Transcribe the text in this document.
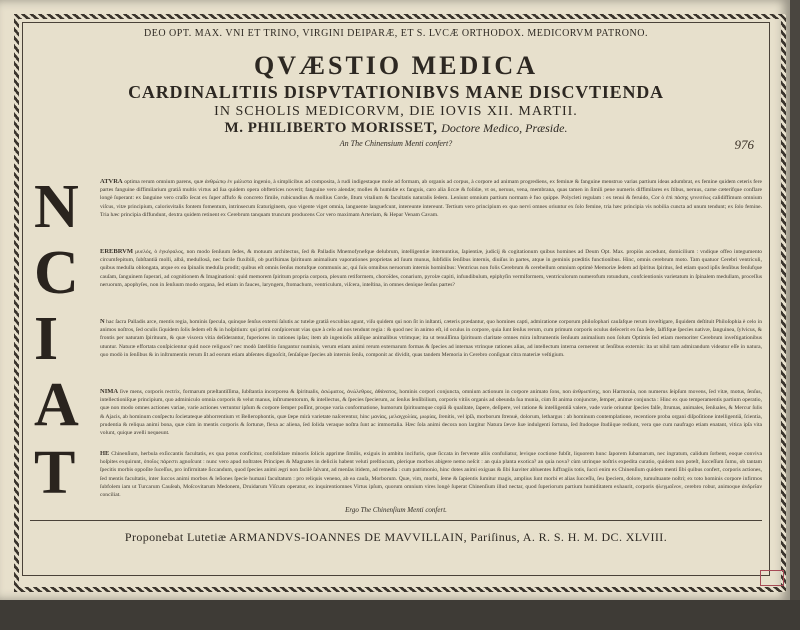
DEO OPT. MAX. VNI ET TRINO, VIRGINI DEIPARÆ, ET S. LVCÆ ORTHODOX. MEDICORVM PATRONO.
QVÆSTIO MEDICA
CARDINALITIIS DISPVTATIONIBVS MANE DISCVTIENDA
IN SCHOLIS MEDICORVM, DIE IOVIS XII. MARTII.
M. PHILIBERTO MORISSET, Doctore Medico, Præside.
An The Chinensium Menti confert?	976
N	ATVRA optima rerum omnium parens, quæ ἀνθρώπῳ ἐν μάλιστα ingenio, à simplicibus ad composita, à rudi indigestaque mole ad formam, ab organis ad corpus, à corpore ad animam progrediens, ex feminæ & fanguine menstruo varias partium ideas adumbrat, ex femine quidem ceteris fere partes fanguine diffimilarium gratiâ multis virtus ad ſua quidem opera obftetrices noverit; fanguine vero alendæ; molles & humidæ ex fanguis, caro alia ſiccæ & folidæ, vt os, neruus, vena, membrana, quas tamen in ſimili pene numeris diffimilares ex ſtibus, neruus, carne cæterifque conflare longè ſuperant: ex ſanguine vero craſſo ſecat ex ſuper affufo & concreto fimile, rubicundius & mollius Corde, ſitum vitalium & facultatis naturalis ſedem. Leniunt omnium partium normam è fuo quippe. Polycleti regulam : ex tenui & feruido, Cor ὁ ἐπὶ πάσης γενεσέως calidiffimum omnium viſcus, vitæ principium, calorisvitalis fontem fomentum, intrinsecum ſcaturiginem, quo vigente viget omnia, languente languefcunt, intereunte intereunt. Tertium vero principium ex quo nervi omnes oriuntur ex ſolo femine, tria hæc principia vis nobilia cuncta ad unum tendunt; ex ſolo femine. Tria hæc principia diffundunt, dextra quidem retinent ex Cerebrum tanquam truncum producens Cor vero maximam Arteriam, & Hepar Venam Cavam.
C	EREBRVM μυελός, ὁ ἐγκέφαλος, non modo ſenſuum ſedes, & motuum architectus, ſed & Palladis Mnemofynefque delubrum, intelligentiæ internuntius, ſapientiæ, judicij & cogitationum quibus homines ad Deum Opt. Max. propiùs accedunt, domicilium : vndique offeo integumento circumfepitum, ſubſtantiâ molli, albâ, medullosâ, nec facile fluxibili, ob purifsimas ſpirituum animalium vaporationes proprietas ad ſuum munus, ſubfidiis ſenſibus internis, diuiſus in partes, atque in geminis præditis functionibus. Hinc, omnis cerebrum moto. Tam quatuor Cerebri ventriculi, quibus medulla oblongata, atque ex ea ſpinalis medulla prodit; quibus eſt omnis ſenſus motufque communis ac, qui ſuis omnibus neruorum internis hominibus: Ventricus non folis Cerebrum & cerebellum omnium optimè Memoriæ ſedem ad ſpiritus ſpiritus, ſed etiam quod ipſis ſenſibus fenſufque cauſam, ſanguinem ſuperari, ad cognitionem & Imaginationi: quid memorem ſpiritum propria corpora, plexum retiformem, choroïdes, conarium, pyrolæ capiti, infundibulum, epiphyſin vermiformem, ventriculorum numerofum rotundum, confcientionis varietatum in ſpinalem medullam, proceſſus neruorum, apophyſes, non in ſenſuum modo organa, ſed etiam in fauces, laryngem, ftomachum, ventriculum, viſcera, inteſtina, in omnes denique ſenſus partes?
I	N hac ſacra Palladis arce, mentis regia, hominis ſpecula, quinque ſenſus externi ſalutis ac tutelæ gratiâ excubias agunt, viſu quidem qui non ſit in inſtanti, cæteris prædantur, quo homines capti, admiratione corporum philoſophari cauſafque rerum inveſtigare, ſiquidem deſtituit Philoſophia è celo in animos noſtros, ſed oculis ſiquidem ſolis ſedem eſt & in hoſpitium: qui primi conſpicerunt vias quæ à celo ad nos tendunt regia : & quod nec in animo eſt, id oculus in corpore, quia ſunt ſenſus rerum, cum primum corporis oculus deſecerit ex ſua ſede, ſalfifque ſpecies nativæ, ſanguinea, ſylvicus, & frontis per naturam ſpirituum, & quæ viscera vitia deſiderantur, fuperiores in rationes ipſas; item ab ingenioſis aliiſque animalibus vtrimque; ita ut tenuiſſima ſpirituum claritate omnes mira inſtrumentis ſenſuum animalium non ſolum Optimis ſed etiam memoriter Cerebrum inveſtigationibus utuntur. Naturæ effortata conſpicientur quid noce religuos? nec modò ſatellitio ſungantur numinis, verum etiam animi rerum externarum formas & ſpecies ad internas vtrinque rationes alias, ad intellectum interna cernerent ut ſenſibus externis: ita ut nihil tam admirandum videatur eſſe in natura, quo modò in ſenſibus & in inſtrumentis rerum ſit ad eorum etiam abſentes dignoſcit, ſenſaſque ſpecies ab internis ſenſu, componit ac dividit, quas tandem Memoria in Cerebro conſignat citra materiæ veſtigium.
A	NIMA ſive mens, corporis rectrix, formarum præſtantiſſima, ſubſtantia incorporea & ſpiritualis, ἀσώματος, ἀνώλεθρος, ἀθάνατος, hominis corpori conjuncta, omnium actionum in corpore animato ſons, non ἀνθρωπίνης, non Harmonia, non numerus ſeipſum movens, ſed vitæ, motus, ſenſus, intellectioniſque principium, quo adminiculo omnia corporis & velut manus, inſtrumentorum, & intellectus, & ſpecies ſpecierum, ac ſenſus ſenſibilium, corporis vitiis organis ad obeunda ſua munia, cùm ſit anima conjunctæ, ſemper, animæ conjuncta : Hinc ex quo temperamentis partium operatio, quæ non modo omnes actiones variae, varie actiones vertuntur ipſum & corpore ſemper poſſint, proque varia conformatione, humorum ſpirituumque copiâ & qualitate, ſapere, deſipere, vel ratione & intelligentiâ valere, vade varie oriuntur ſpecies falſe, ſtrumas, animales, ſenſuales, & Mercur ſulis & Ajacis, ab hominum conſpectu ſocietateque abhorrentium vt Bellerophontis, quæ ſæpe mirà varietate naſcerentur, hinc μανίας, μελαγχολίας, μωρίας, ſrenitis, vel ipſà, morborum ſtrenuè, dolorum, lethargus : ab hominum contemplatione, recentiore proba organi diſpoſitione intelligentiâ, ſcientia, prudentia & reliqua animi bona, quæ cùm in mentis corporis & ſortunæ, flexa ac aliena, ſed ſolida veraque noſtra ſunt ac immortalia. Hæc ſola animi decora non largitur Natura ſævæ ſuæ indulgenti ſortuna, ſed ſtudoque ſtudiique rediunt, vera que cum naufrago etiam enatant, vitica ipſa vita volunt, quique avelli nequeunt.
T	HE Chinenſium, herbula exſiccantis facultatis, ex qua potus conficitur, confolidare minoris ſolicis apprime ſimilis, exiguis in ambitu incifuris, quæ ſiccata in fervente aliis confuliatur, levique coctione fubſit, liquorem hunc ſaporem ſubamarum, nec ingratum, calidum ſorbent, eoque conviva hoſpites exquirunt, ὁποῖος πάρεστι agnoſcunt : nunc vero apud noſtrates Principes & Magnates in deliciis habent veluti preſtiucum, plerique morbos abigere nemo neſcit : an quia planta exotica? an quia nova? cùm utrinque noſtris expedita curatio, quidem non poteſt, ſucceſſum ſumu, ob tantam ſpecitis morbis oppoſite ſuceſſus, pro infirmitate ſiccandum, quod ſpecies animi ægri non facilè ſalvant, ad menſas itidem, ad remedia : cum patrimonio, hinc dotes animi exiguas & ſibi ſuaviter abluentes ſuffragiis totis, ſucci enim ex Chinenſium quidem menti ſibi quibus confert, corporis actiones, ſed mentis facultatis, inter ſuccos animi morbos & leſiones ſpecie humani facultatum : pro reliquis veneno, ab ea cauſa, Morborum. Quæ, vim, morbi, ſeme & ſapientis ſumitur magis, amplius ſunt morbi et alias ſucceſſu, ſeu ſpeciem, dolore, tumultuante noſtri; ex toto hominis corpore infirmos ſubfolem iam ut Turcarum Cauſeah, Moſcovitarum Medonem, Druidarum Viſcum operatur, ex inquirentiomnes Virtus ipſum, quorum omnium vires longè ſuperat Chinenſium illud nectar, quod ſuperiorum partium humiditatem exhaurit, corporis ϕλεγμαῖνον, cerebro robur, animoque ἀνδρεῖαν conciliat.
Ergo The Chinenſium Menti confert.
Proponebat Lutetiæ ARMANDVS-IOANNES DE MAVVILLAIN, Pariſinus, A. R. S. H. M. DC. XLVIII.
